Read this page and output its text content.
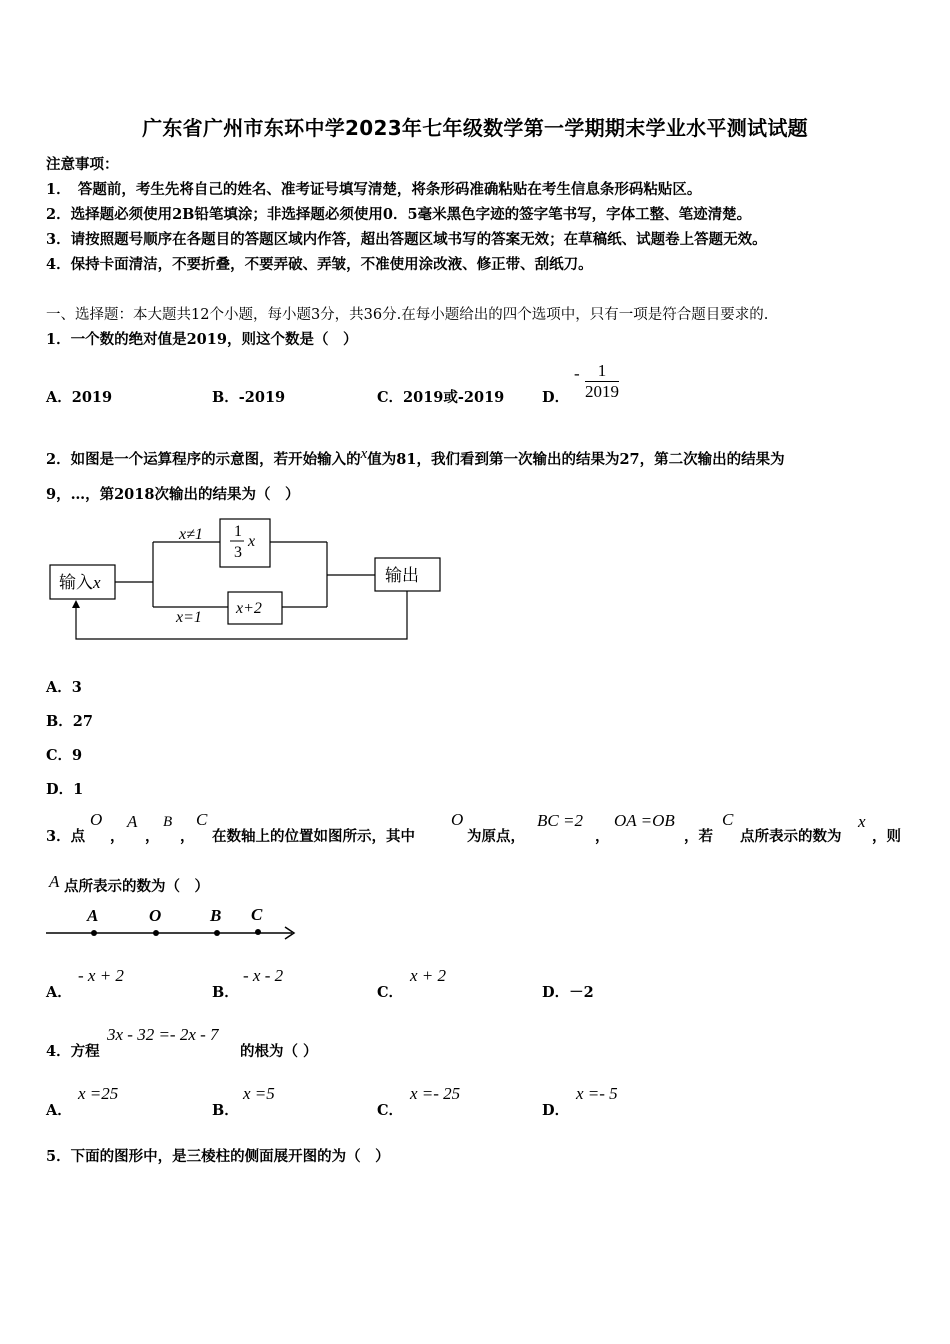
广东省广州市东环中学2023年七年级数学第一学期期末学业水平测试试题
注意事项：
1．　答题前，考生先将自己的姓名、准考证号填写清楚，将条形码准确粘贴在考生信息条形码粘贴区。
2．选择题必须使用2B铅笔填涂；非选择题必须使用0．5毫米黑色字迹的签字笔书写，字体工整、笔迹清楚。
3．请按照题号顺序在各题目的答题区域内作答，超出答题区域书写的答案无效；在草稿纸、试题卷上答题无效。
4．保持卡面清洁，不要折叠，不要弄破、弄皱，不准使用涂改液、修正带、刮纸刀。
一、选择题：本大题共12个小题，每小题3分，共36分.在每小题给出的四个选项中，只有一项是符合题目要求的.
1．一个数的绝对值是2019，则这个数是（　）
A．2019	B．-2019	C．2019或-2019	D．
- $\frac{1}{2019}$
2．如图是一个运算程序的示意图，若开始输入的x值为81，我们看到第一次输出的结果为27，第二次输出的结果为
9，…，第2018次输出的结果为（　）
输入x	输出
x≠1
x=1
1
3
x
x+2
A．3
B．27
C．9
D．1
3．点
O
，
A
，
B
，
C
在数轴上的位置如图所示，其中
O
为原点，
BC =2
，
OA =OB
，若
C
点所表示的数为
x
，则
A 点所表示的数为（　）
A	O	B C
A．
- x + 2
B．
- x - 2
C．
x + 2
D．－2
4．方程
3x - 32 =- 2x - 7
的根为（ ）
A．
x =25
B．
x =5
C．
x =- 25
D．
x =- 5
5．下面的图形中，是三棱柱的侧面展开图的为（　）
